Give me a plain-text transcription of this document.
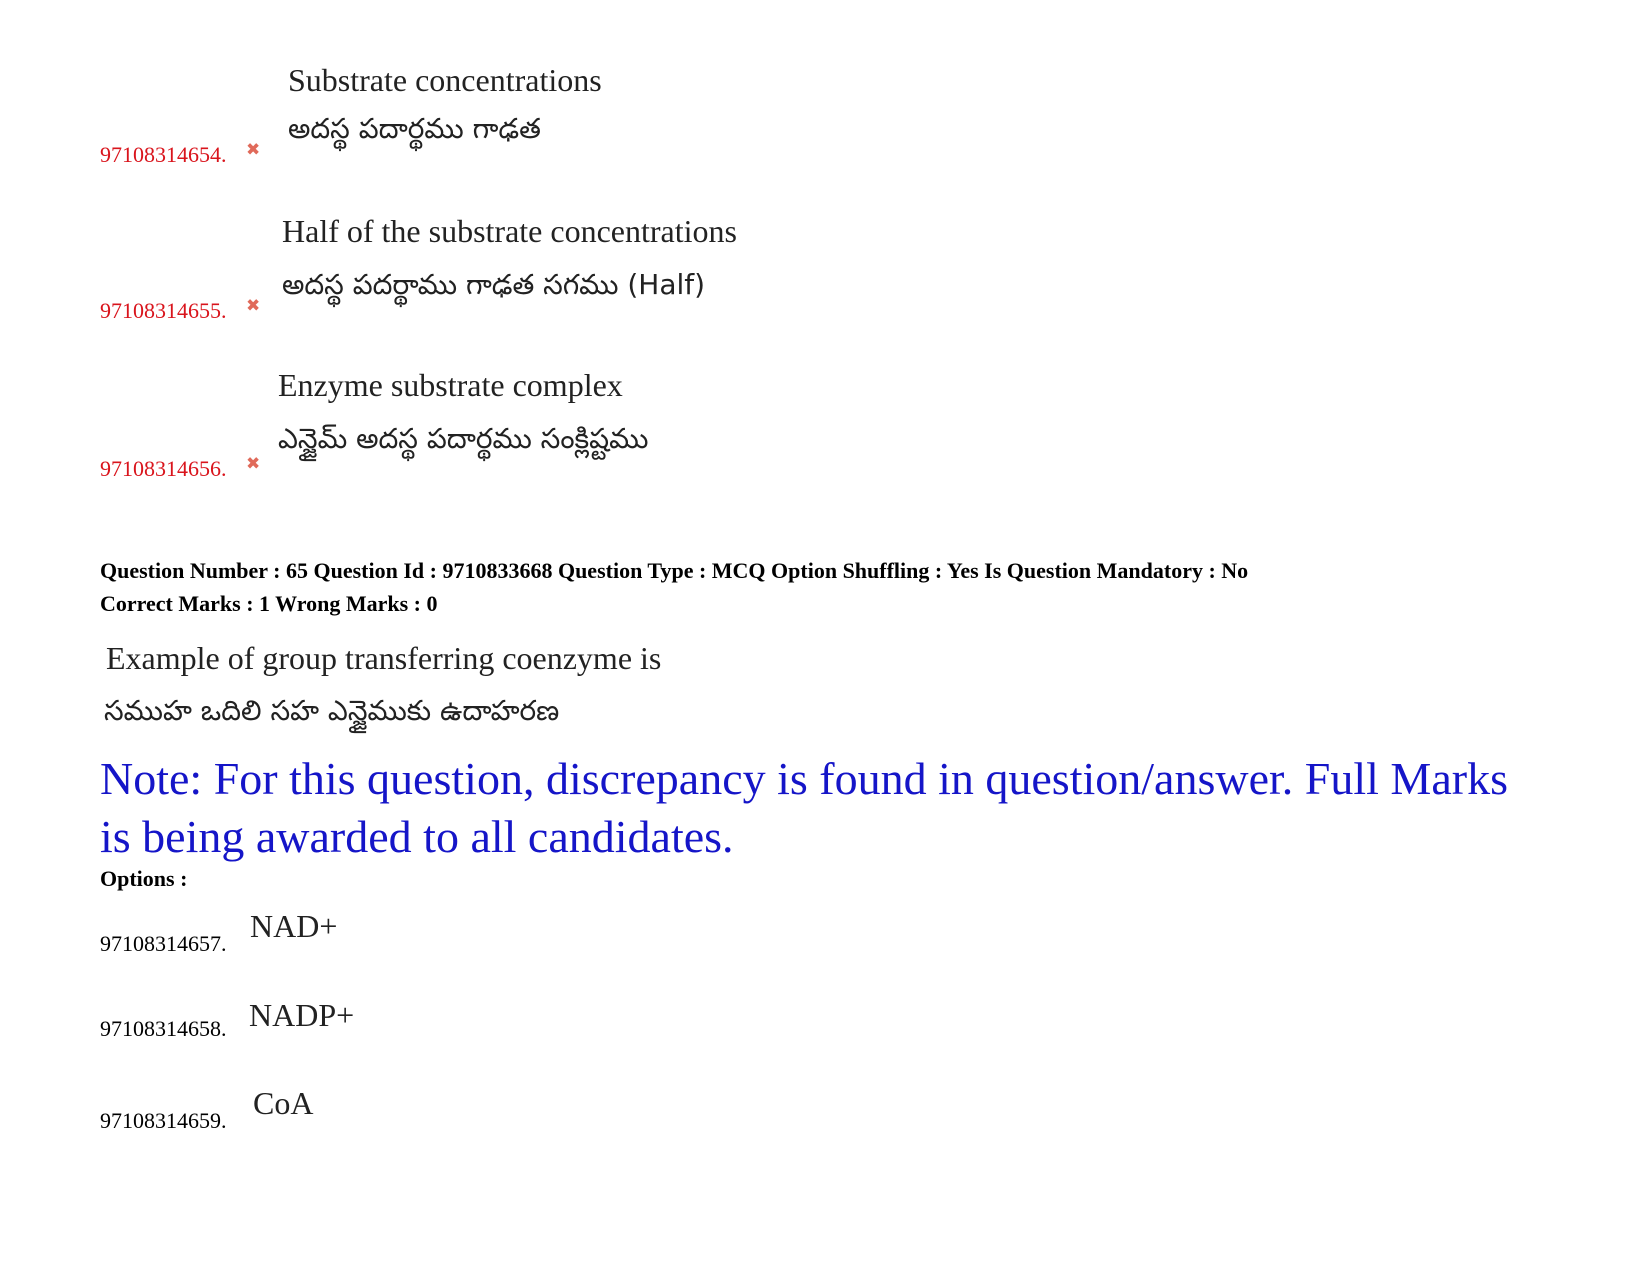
Substrate concentrations
అదస్థ పదార్థము గాఢత
97108314654. ✖
Half of the substrate concentrations
అదస్థ పదర్థాము గాఢత సగము (Half)
97108314655. ✖
Enzyme substrate complex
ఎన్జైమ్ అదస్థ పదార్థము సంక్లిష్టము
97108314656. ✖
Question Number : 65 Question Id : 9710833668 Question Type : MCQ Option Shuffling : Yes Is Question Mandatory : No
Correct Marks : 1 Wrong Marks : 0
Example of group transferring coenzyme is
సముహ ఒదిలి సహ ఎన్జైముకు ఉదాహరణ
Note: For this question, discrepancy is found in question/answer. Full Marks is being awarded to all candidates.
Options :
97108314657. NAD+
97108314658. NADP+
97108314659. CoA
